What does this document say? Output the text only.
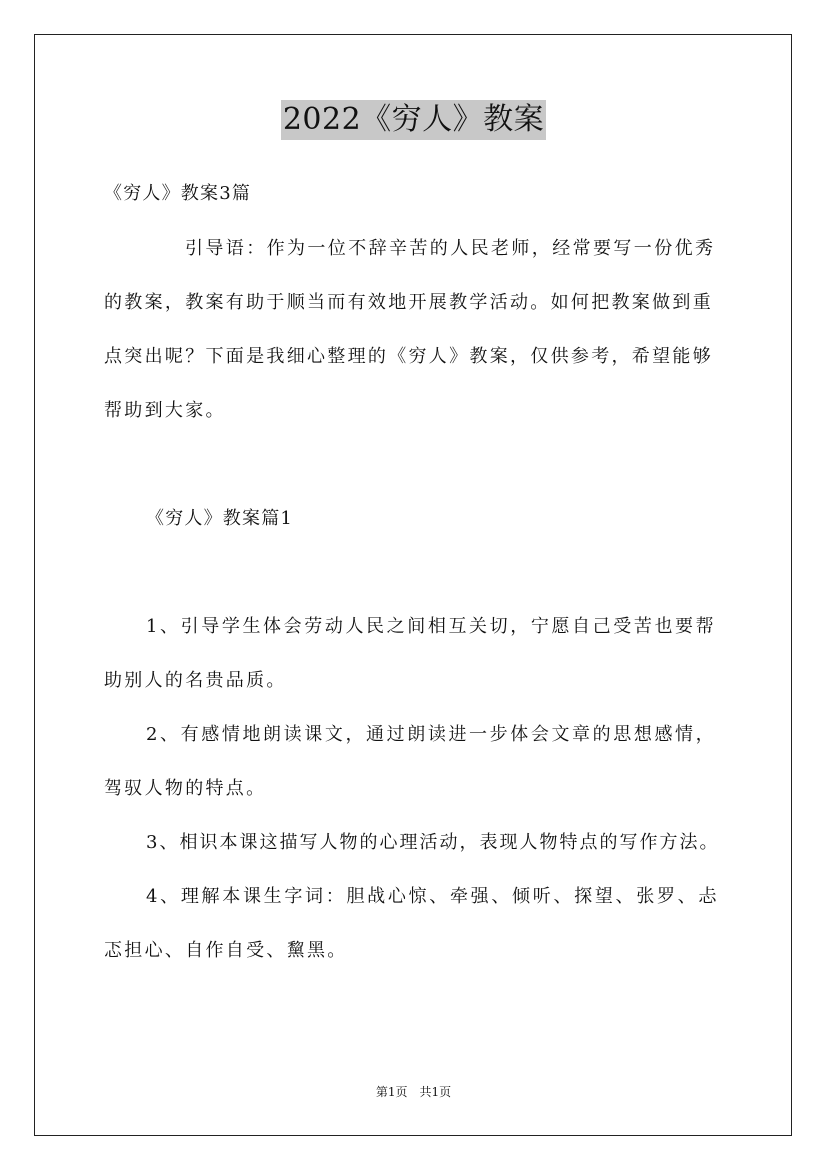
2022《穷人》教案
《穷人》教案3篇
引导语：作为一位不辞辛苦的人民老师，经常要写一份优秀
的教案，教案有助于顺当而有效地开展教学活动。如何把教案做到重
点突出呢？下面是我细心整理的《穷人》教案，仅供参考，希望能够
帮助到大家。
《穷人》教案篇1
1、引导学生体会劳动人民之间相互关切，宁愿自己受苦也要帮
助别人的名贵品质。
2、有感情地朗读课文，通过朗读进一步体会文章的思想感情，
驾驭人物的特点。
3、相识本课这描写人物的心理活动，表现人物特点的写作方法。
4、理解本课生字词：胆战心惊、牵强、倾听、探望、张罗、忐
忑担心、自作自受、黧黑。
第1页　共1页
